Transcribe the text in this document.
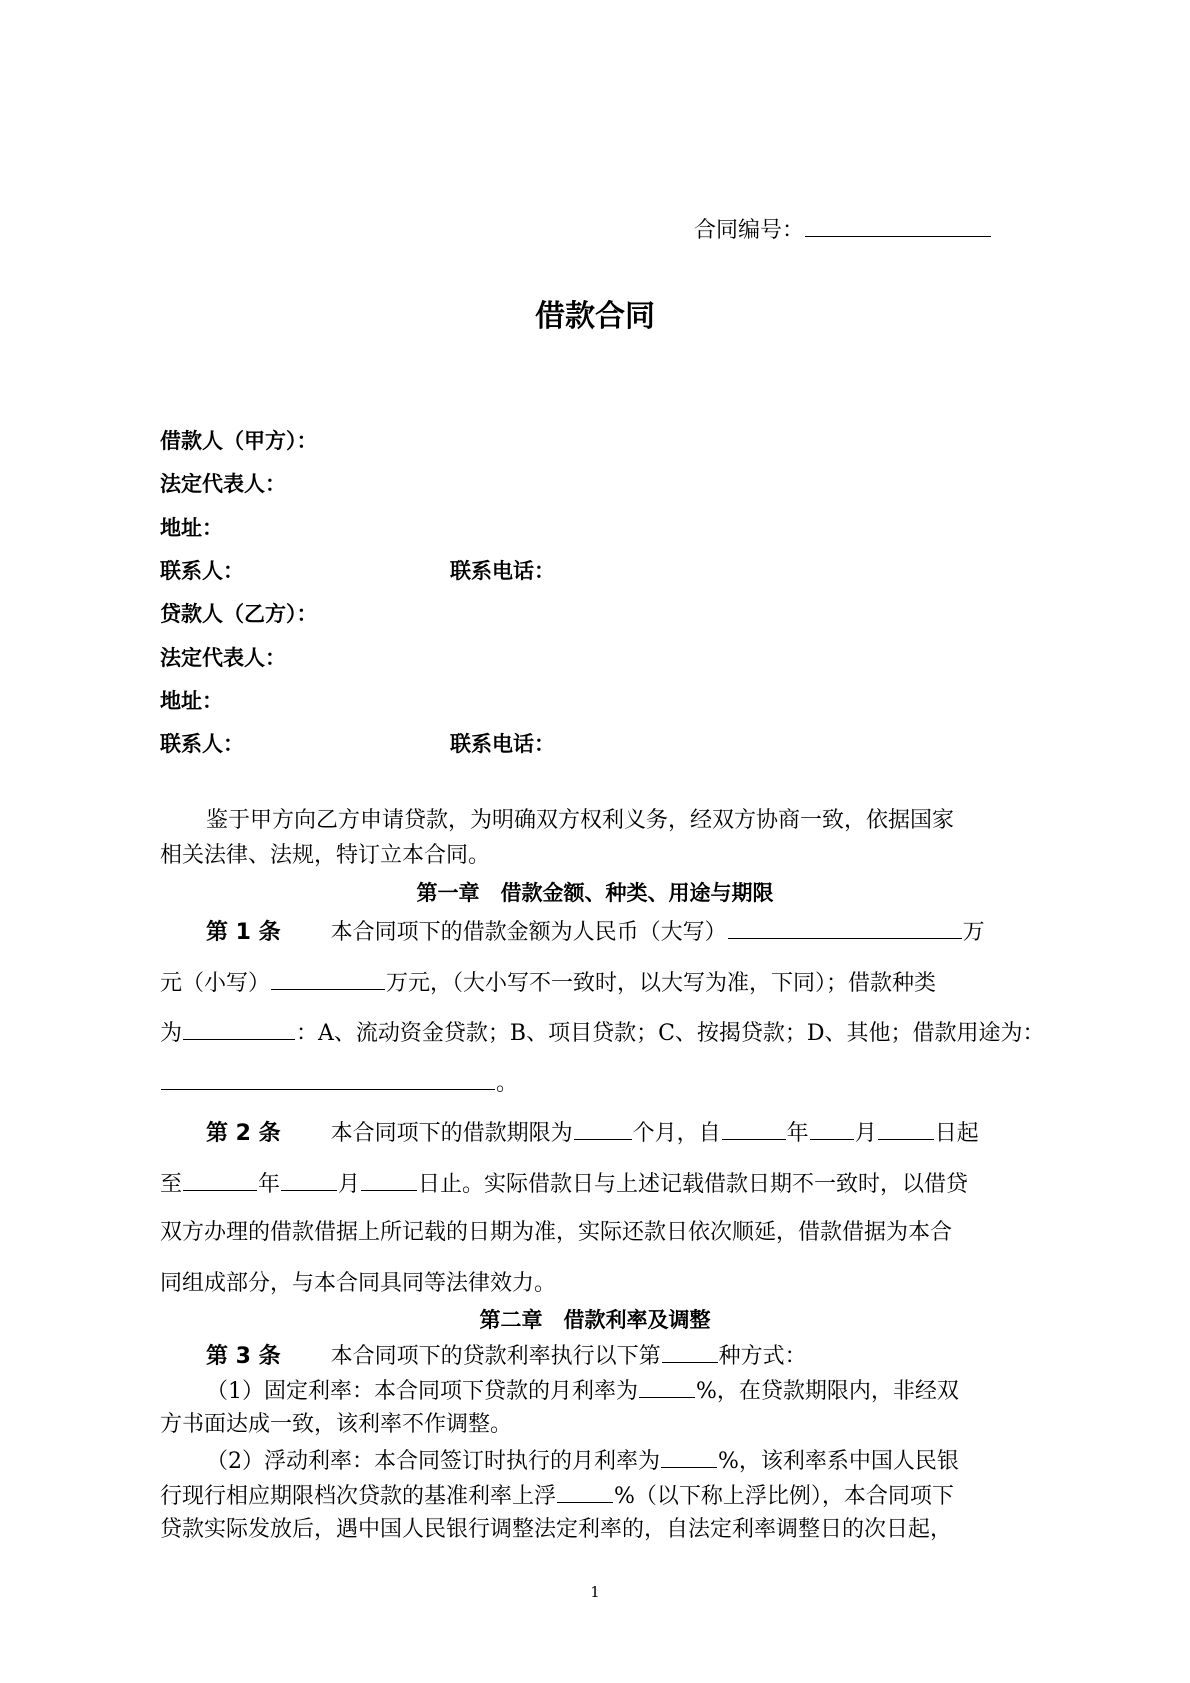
合同编号：
借款合同
借款人（甲方）：
法定代表人：
地址：
联系人：	联系电话：
贷款人（乙方）：
法定代表人：
地址：
联系人：	联系电话：
鉴于甲方向乙方申请贷款，为明确双方权利义务，经双方协商一致，依据国家
相关法律、法规，特订立本合同。
第一章　借款金额、种类、用途与期限
第 1 条 本合同项下的借款金额为人民币（大写）	万
元（小写）	万元，（大小写不一致时，以大写为准，下同）；借款种类
为	：A、流动资金贷款；B、项目贷款；C、按揭贷款；D、其他；借款用途为：
。
第 2 条 本合同项下的借款期限为	个月，自	年 月	日起
至	年	月	日止。实际借款日与上述记载借款日期不一致时，以借贷
双方办理的借款借据上所记载的日期为准，实际还款日依次顺延，借款借据为本合
同组成部分，与本合同具同等法律效力。
第二章　借款利率及调整
第 3 条 本合同项下的贷款利率执行以下第	种方式：
（1）固定利率：本合同项下贷款的月利率为	%，在贷款期限内，非经双
方书面达成一致，该利率不作调整。
（2）浮动利率：本合同签订时执行的月利率为	%，该利率系中国人民银
行现行相应期限档次贷款的基准利率上浮	%（以下称上浮比例），本合同项下
贷款实际发放后，遇中国人民银行调整法定利率的，自法定利率调整日的次日起，
1
